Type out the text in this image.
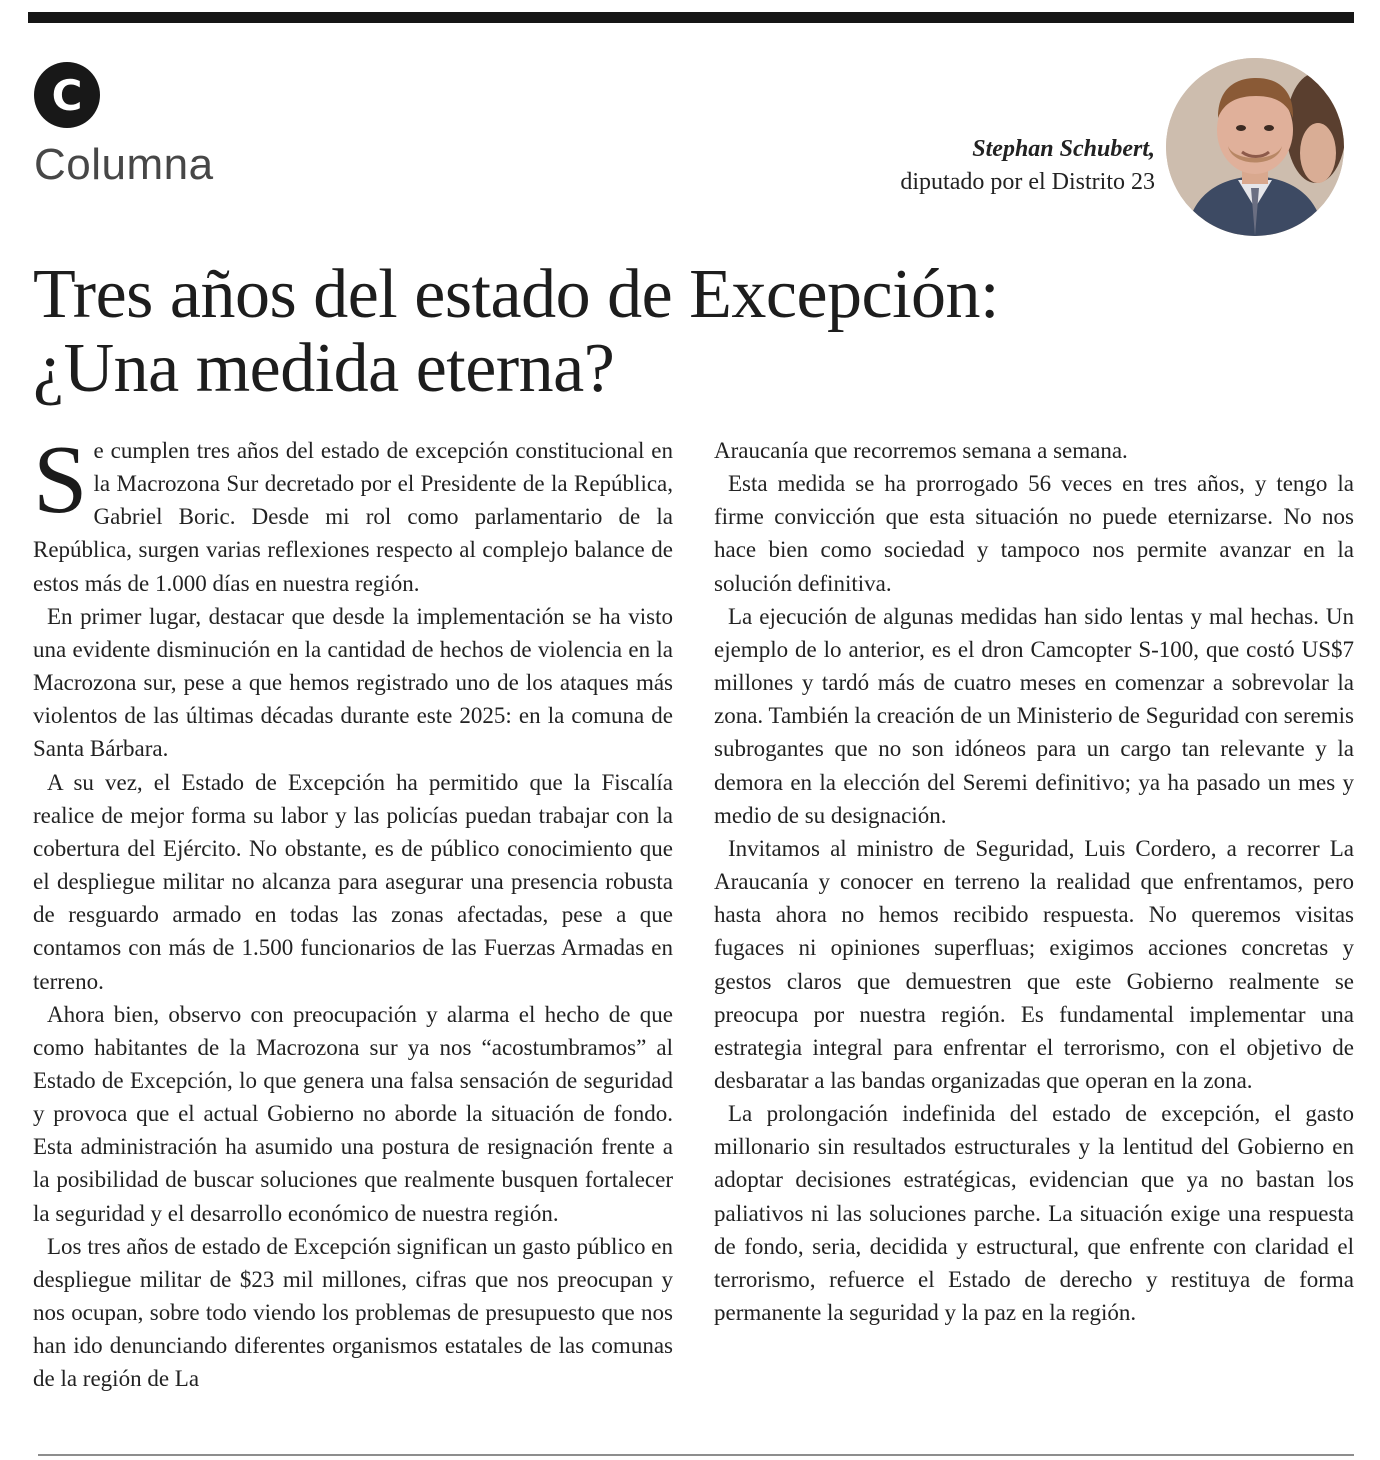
C
Columna	Stephan Schubert,
diputado por el Distrito 23
Tres años del estado de Excepción:
¿Una medida eterna?

Se cumplen tres años del estado de excepción constitucional en la Macrozona Sur decretado por el Presidente de la República, Gabriel Boric. Desde mi rol como parlamentario de la República, surgen varias reflexiones respecto al complejo balance de estos más de 1.000 días en nuestra región.

En primer lugar, destacar que desde la implementación se ha visto una evidente disminución en la cantidad de hechos de violencia en la Macrozona sur, pese a que hemos registrado uno de los ataques más violentos de las últimas décadas durante este 2025: en la comuna de Santa Bárbara.

A su vez, el Estado de Excepción ha permitido que la Fiscalía realice de mejor forma su labor y las policías puedan trabajar con la cobertura del Ejército. No obstante, es de público conocimiento que el despliegue militar no alcanza para asegurar una presencia robusta de resguardo armado en todas las zonas afectadas, pese a que contamos con más de 1.500 funcionarios de las Fuerzas Armadas en terreno.

Ahora bien, observo con preocupación y alarma el hecho de que como habitantes de la Macrozona sur ya nos “acostumbramos” al Estado de Excepción, lo que genera una falsa sensación de seguridad y provoca que el actual Gobierno no aborde la situación de fondo. Esta administración ha asumido una postura de resignación frente a la posibilidad de buscar soluciones que realmente busquen fortalecer la seguridad y el desarrollo económico de nuestra región.

Los tres años de estado de Excepción significan un gasto público en despliegue militar de $23 mil millones, cifras que nos preocupan y nos ocupan, sobre todo viendo los problemas de presupuesto que nos han ido denunciando diferentes organismos estatales de las comunas de la región de La

Araucanía que recorremos semana a semana.

Esta medida se ha prorrogado 56 veces en tres años, y tengo la firme convicción que esta situación no puede eternizarse. No nos hace bien como sociedad y tampoco nos permite avanzar en la solución definitiva.

La ejecución de algunas medidas han sido lentas y mal hechas. Un ejemplo de lo anterior, es el dron Camcopter S-100, que costó US$7 millones y tardó más de cuatro meses en comenzar a sobrevolar la zona. También la creación de un Ministerio de Seguridad con seremis subrogantes que no son idóneos para un cargo tan relevante y la demora en la elección del Seremi definitivo; ya ha pasado un mes y medio de su designación.

Invitamos al ministro de Seguridad, Luis Cordero, a recorrer La Araucanía y conocer en terreno la realidad que enfrentamos, pero hasta ahora no hemos recibido respuesta. No queremos visitas fugaces ni opiniones superfluas; exigimos acciones concretas y gestos claros que demuestren que este Gobierno realmente se preocupa por nuestra región. Es fundamental implementar una estrategia integral para enfrentar el terrorismo, con el objetivo de desbaratar a las bandas organizadas que operan en la zona.

La prolongación indefinida del estado de excepción, el gasto millonario sin resultados estructurales y la lentitud del Gobierno en adoptar decisiones estratégicas, evidencian que ya no bastan los paliativos ni las soluciones parche. La situación exige una respuesta de fondo, seria, decidida y estructural, que enfrente con claridad el terrorismo, refuerce el Estado de derecho y restituya de forma permanente la seguridad y la paz en la región.
